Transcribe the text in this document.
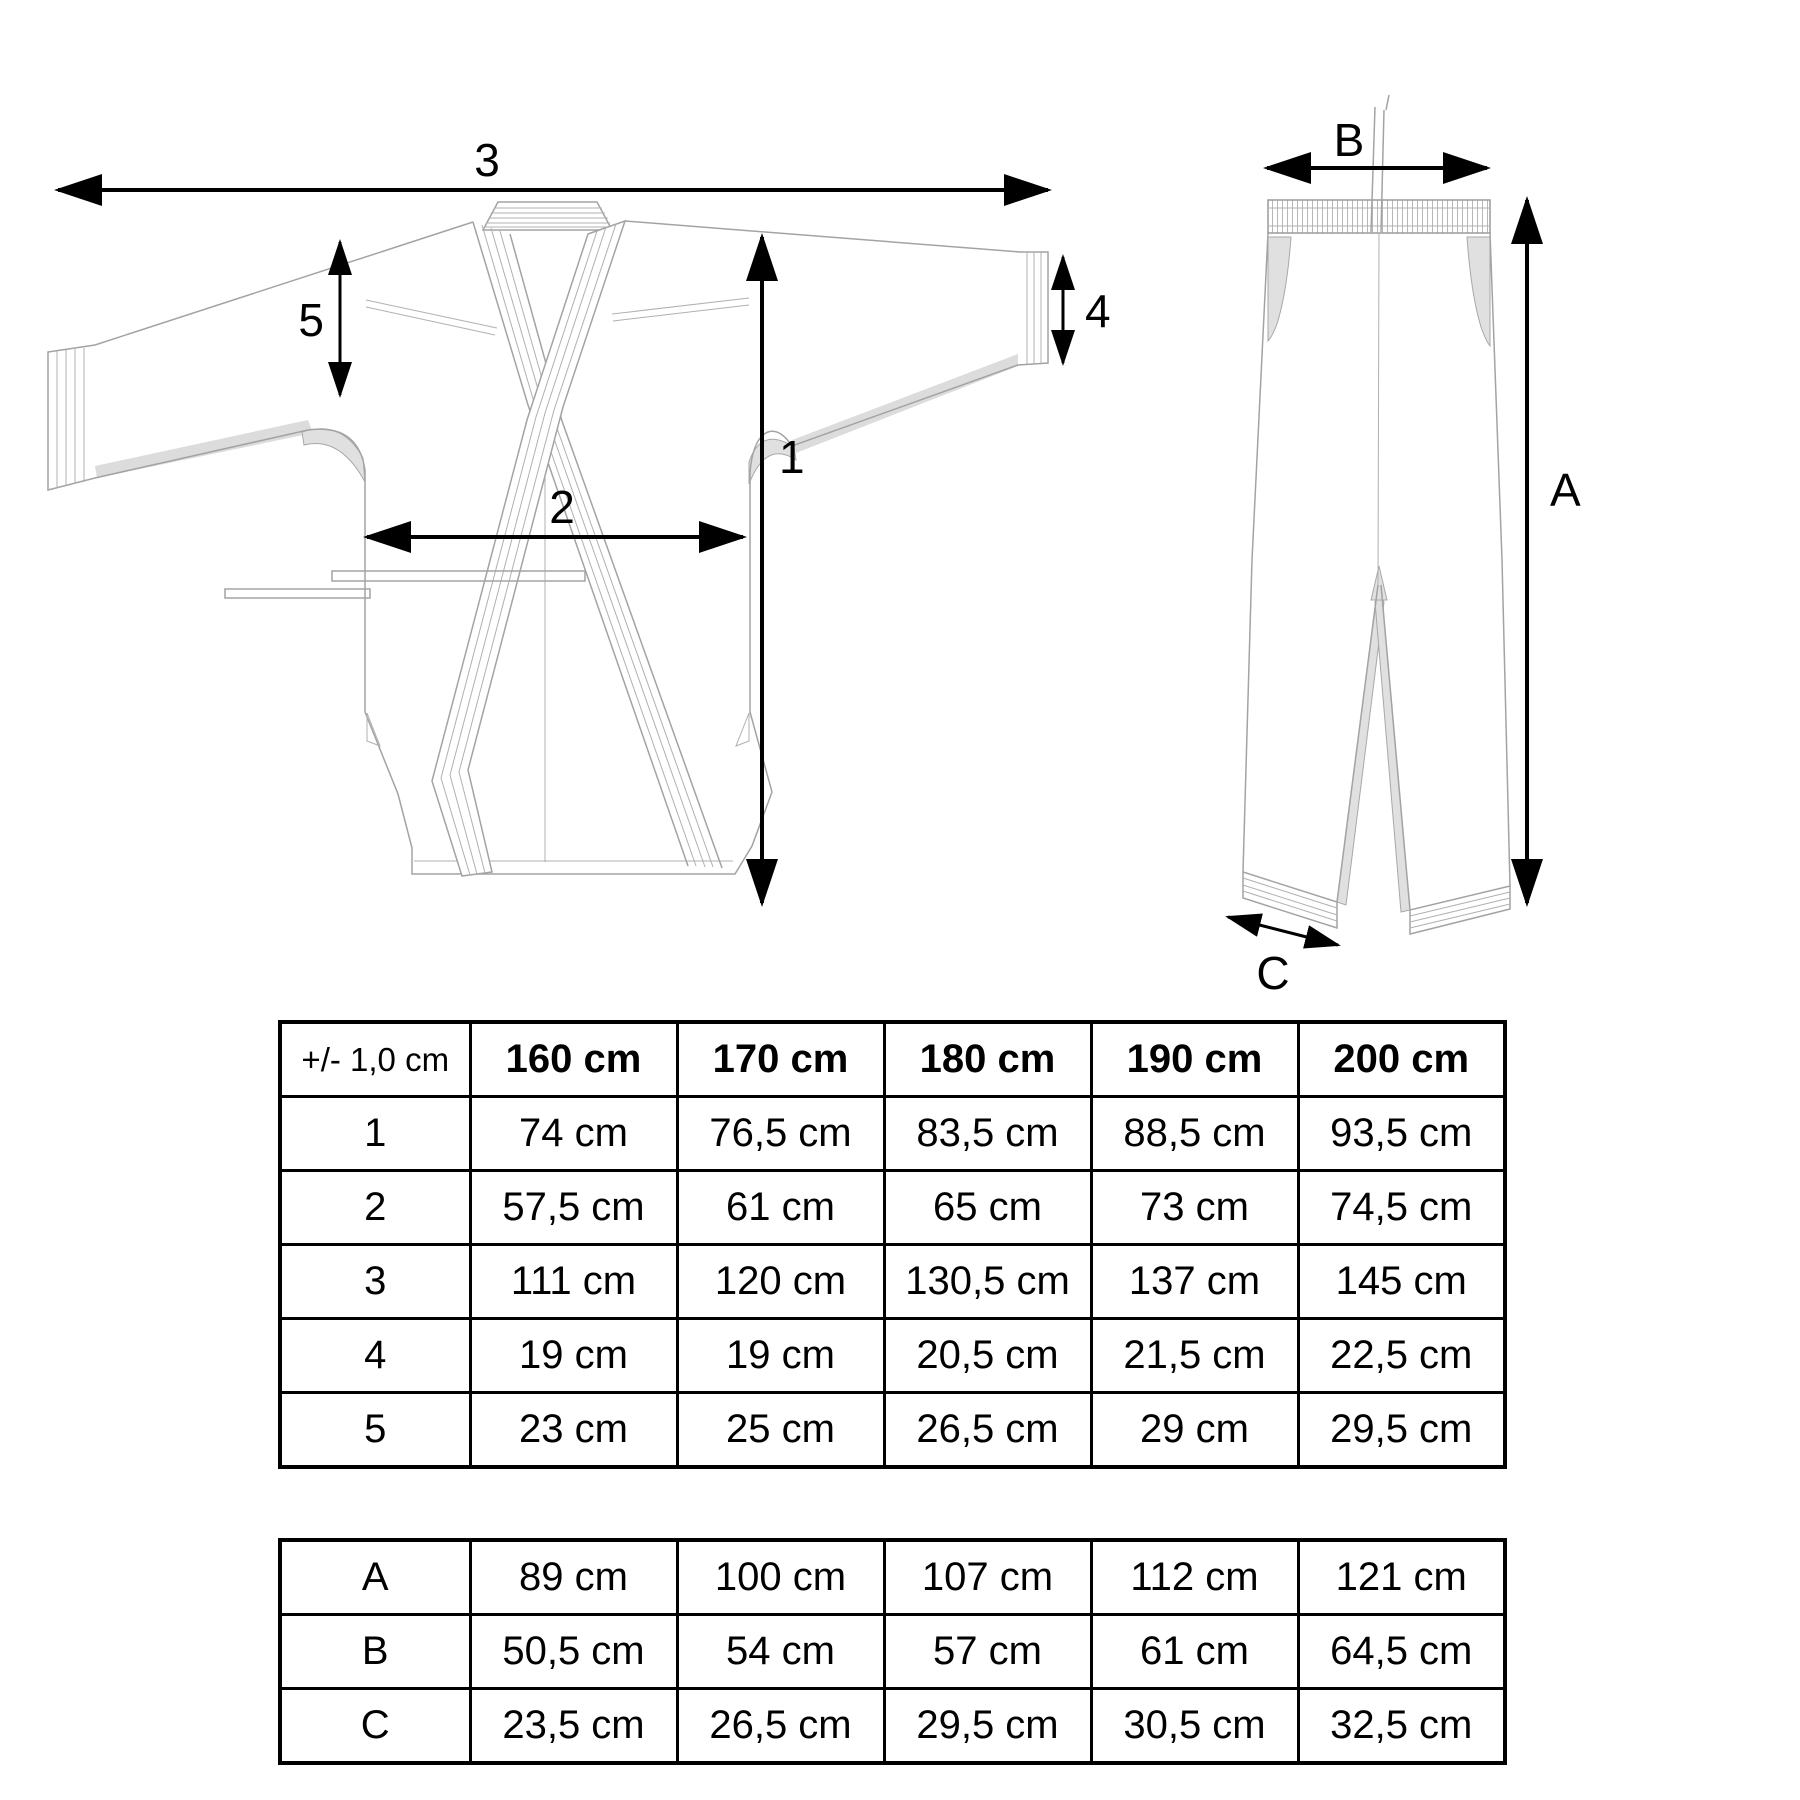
3
5	4
1
2
B
A
C
+/- 1,0 cm	160 cm	170 cm	180 cm	190 cm	200 cm
1	74 cm	76,5 cm	83,5 cm	88,5 cm	93,5 cm
2	57,5 cm	61 cm	65 cm	73 cm	74,5 cm
3	111 cm	120 cm	130,5 cm	137 cm	145 cm
4	19 cm	19 cm	20,5 cm	21,5 cm	22,5 cm
5	23 cm	25 cm	26,5 cm	29 cm	29,5 cm
A	89 cm	100 cm	107 cm	112 cm	121 cm
B	50,5 cm	54 cm	57 cm	61 cm	64,5 cm
C	23,5 cm	26,5 cm	29,5 cm	30,5 cm	32,5 cm
